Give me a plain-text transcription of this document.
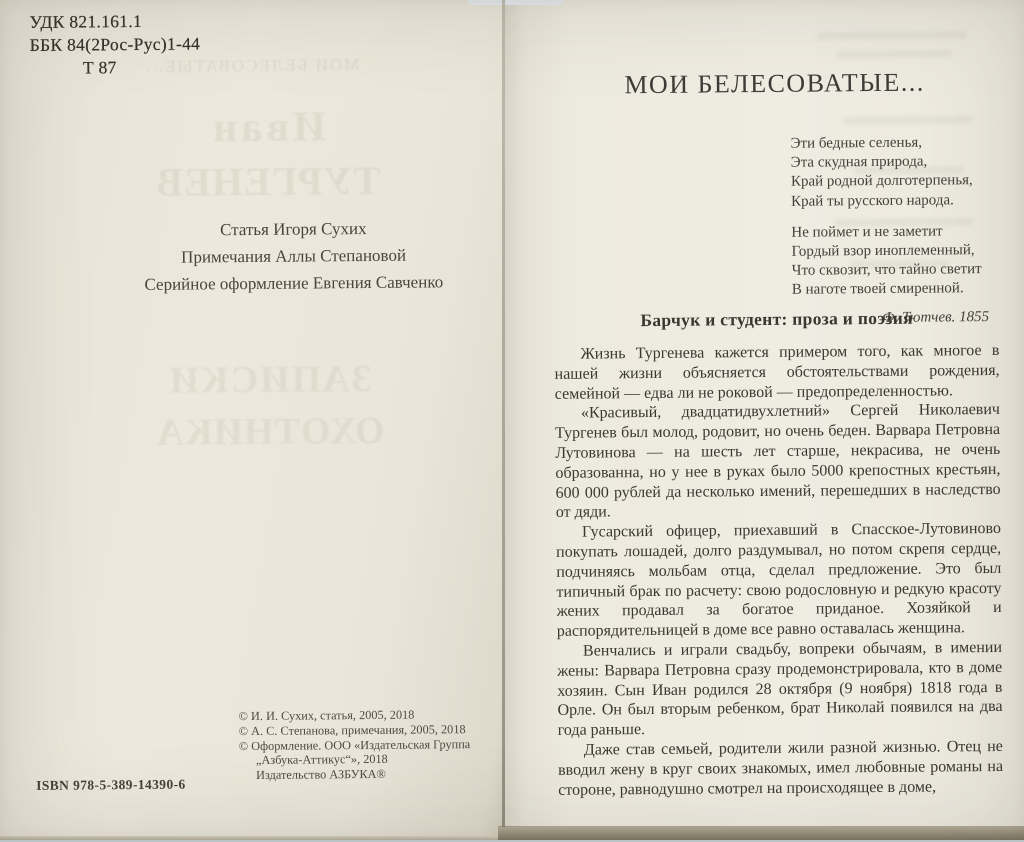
МОИ БЕЛЕСОВАТЫЕ...
Иван
ТУРГЕНЕВ
ЗАПИСКИ
ОХОТНИКА
УДК 821.161.1
ББК 84(2Рос-Рус)1-44
Т 87
Статья Игоря Сухих
Примечания Аллы Степановой
Серийное оформление Евгения Савченко
© И. И. Сухих, статья, 2005, 2018
© А. С. Степанова, примечания, 2005, 2018
© Оформление. ООО «Издательская Группа
„Азбука-Аттикус“», 2018
Издательство АЗБУКА®
ISBN 978-5-389-14390-6
МОИ БЕЛЕСОВАТЫЕ...
Эти бедные селенья,
Эта скудная природа,
Край родной долготерпенья,
Край ты русского народа.
Не поймет и не заметит
Гордый взор иноплеменный,
Что сквозит, что тайно светит
В наготе твоей смиренной.
Ф. Тютчев. 1855
Барчук и студент: проза и поэзия

Жизнь Тургенева кажется примером того, как многое в нашей жизни объясняется обстоятельствами рождения, семейной — едва ли не роковой — предопределенностью.

«Красивый, двадцатидвухлетний» Сергей Николаевич Тургенев был молод, родовит, но очень беден. Варвара Петровна Лутовинова — на шесть лет старше, некрасива, не очень образованна, но у нее в руках было 5000 крепостных крестьян, 600 000 рублей да несколько имений, перешедших в наследство от дяди.

Гусарский офицер, приехавший в Спасское-Лутовиново покупать лошадей, долго раздумывал, но потом скрепя сердце, подчиняясь мольбам отца, сделал предложение. Это был типичный брак по расчету: свою родословную и редкую красоту жених продавал за богатое приданое. Хозяйкой и распорядительницей в доме все равно оставалась женщина.

Венчались и играли свадьбу, вопреки обычаям, в имении жены: Варвара Петровна сразу продемонстрировала, кто в доме хозяин. Сын Иван родился 28 октября (9 ноября) 1818 года в Орле. Он был вторым ребенком, брат Николай появился на два года раньше.

Даже став семьей, родители жили разной жизнью. Отец не вводил жену в круг своих знакомых, имел любовные романы на стороне, равнодушно смотрел на происходящее в доме,
